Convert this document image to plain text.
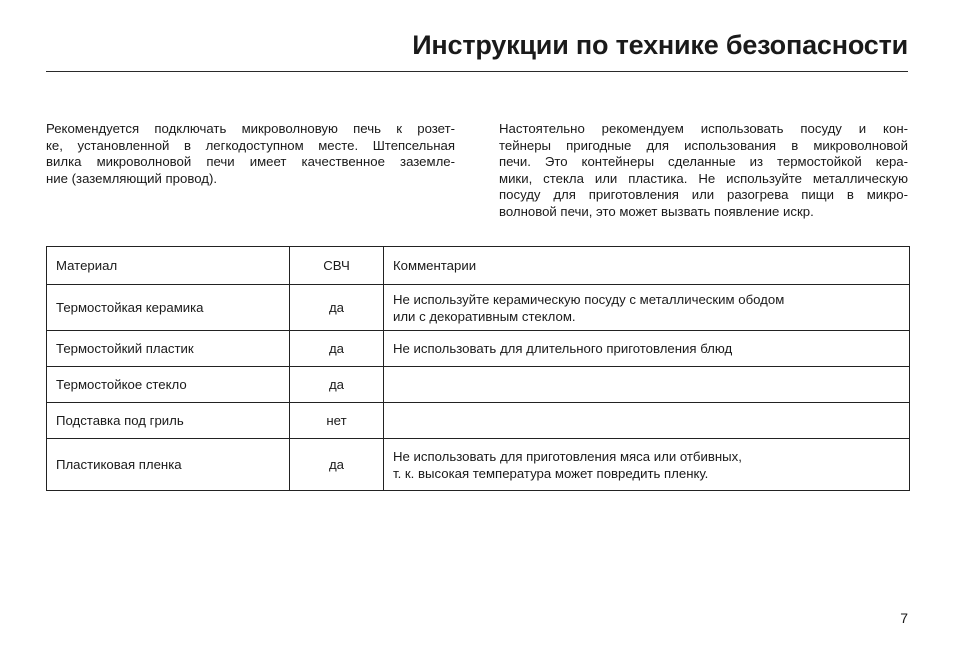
Инструкции по технике безопасности
Рекомендуется подключать микроволновую печь к розет-
ке, установленной в легкодоступном месте. Штепсельная
вилка микроволновой печи имеет качественное заземле-
ние (заземляющий провод).
Настоятельно рекомендуем использовать посуду и кон-
тейнеры пригодные для использования в микроволновой
печи. Это контейнеры сделанные из термостойкой кера-
мики, стекла или пластика. Не используйте металлическую
посуду для приготовления или разогрева пищи в микро-
волновой печи, это может вызвать появление искр.
Материал	СВЧ	Комментарии
Термостойкая керамика	да	Не используйте керамическую посуду с металлическим ободом
или с декоративным стеклом.

Термостойкий пластик	да	Не использовать для длительного приготовления блюд

Термостойкое стекло	да	
Подставка под гриль	нет	
Пластиковая пленка	да	Не использовать для приготовления мяса или отбивных,
т. к. высокая температура может повредить пленку.
7
